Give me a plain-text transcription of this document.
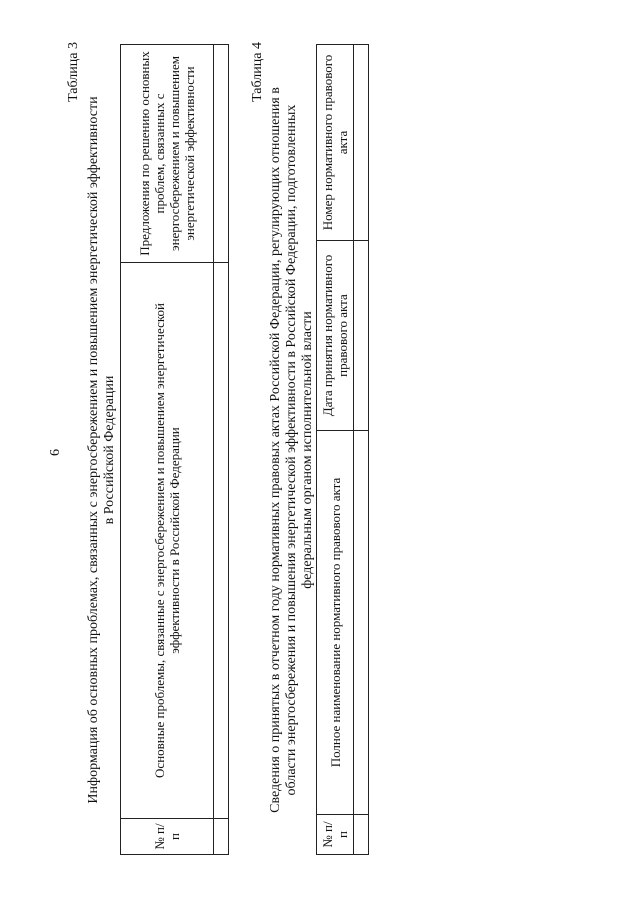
6
Таблица 3
Информация об основных проблемах, связанных с энергосбережением и повышением энергетической эффективности в Российской Федерации
№ п/п	Основные проблемы, связанные с энергосбережением и повышением энергетической эффективности в Российской Федерации	Предложения по решению основных проблем, связанных с энергосбережением и повышением энергетической эффективности
			Таблица 4
Сведения о принятых в отчетном году нормативных правовых актах Российской Федерации, регулирующих отношения в области энергосбережения и повышения энергетической эффективности в Российской Федерации, подготовленных федеральным органом исполнительной власти
№ п/п	Полное наименование нормативного правового акта	Дата принятия нормативного правового акта	Номер нормативного правового акта
